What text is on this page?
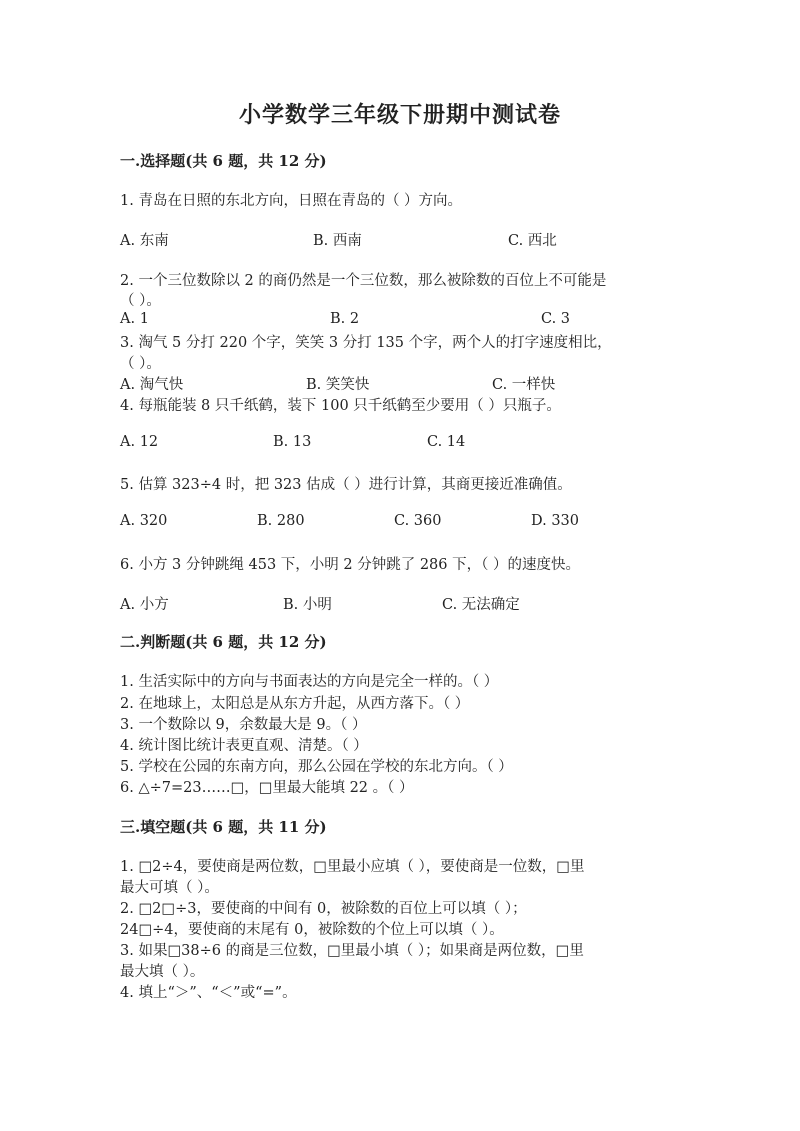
小学数学三年级下册期中测试卷
一.选择题(共 6 题，共 12 分)
1. 青岛在日照的东北方向，日照在青岛的（ ）方向。
A. 东南	B. 西南	C. 西北
2. 一个三位数除以 2 的商仍然是一个三位数，那么被除数的百位上不可能是
（ ）。
A. 1	B. 2	C. 3
3. 淘气 5 分打 220 个字，笑笑 3 分打 135 个字，两个人的打字速度相比，
（ ）。
A. 淘气快	B. 笑笑快	C. 一样快
4. 每瓶能装 8 只千纸鹤，装下 100 只千纸鹤至少要用（ ）只瓶子。
A. 12	B. 13	C. 14
5. 估算 323÷4 时，把 323 估成（ ）进行计算，其商更接近准确值。
A. 320	B. 280	C. 360	D. 330
6. 小方 3 分钟跳绳 453 下，小明 2 分钟跳了 286 下，（ ）的速度快。
A. 小方	B. 小明	C. 无法确定
二.判断题(共 6 题，共 12 分)
1. 生活实际中的方向与书面表达的方向是完全一样的。（ ）
2. 在地球上，太阳总是从东方升起，从西方落下。（ ）
3. 一个数除以 9，余数最大是 9。（ ）
4. 统计图比统计表更直观、清楚。（ ）
5. 学校在公园的东南方向，那么公园在学校的东北方向。（ ）
6. △÷7=23……□，□里最大能填 22 。（ ）
三.填空题(共 6 题，共 11 分)
1. □2÷4，要使商是两位数，□里最小应填（ ），要使商是一位数，□里
最大可填（ ）。
2. □2□÷3，要使商的中间有 0，被除数的百位上可以填（ ）；
24□÷4，要使商的末尾有 0，被除数的个位上可以填（ ）。
3. 如果□38÷6 的商是三位数，□里最小填（ ）；如果商是两位数，□里
最大填（ ）。
4. 填上“＞”、“＜”或“=”。
